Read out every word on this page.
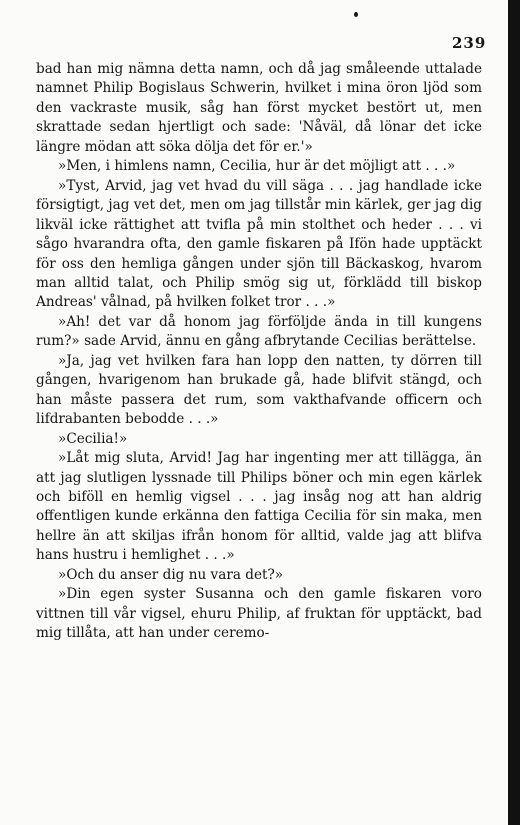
239

bad han mig nämna detta namn, och då jag småleende uttalade namnet Philip Bogislaus Schwerin, hvilket i mina öron ljöd som den vackraste musik, såg han först mycket bestört ut, men skrattade sedan hjertligt och sade: 'Nåväl, då lönar det icke längre mödan att söka dölja det för er.'»

»Men, i himlens namn, Cecilia, hur är det möjligt att . . .»

»Tyst, Arvid, jag vet hvad du vill säga . . . jag handlade icke försigtigt, jag vet det, men om jag tillstår min kärlek, ger jag dig likväl icke rättighet att tvifla på min stolthet och heder . . . vi sågo hvarandra ofta, den gamle fiskaren på Ifön hade upptäckt för oss den hemliga gången under sjön till Bäckaskog, hvarom man alltid talat, och Philip smög sig ut, förklädd till biskop Andreas' vålnad, på hvilken folket tror . . .»

»Ah! det var då honom jag förföljde ända in till kungens rum?» sade Arvid, ännu en gång afbrytande Cecilias berättelse.

»Ja, jag vet hvilken fara han lopp den natten, ty dörren till gången, hvarigenom han brukade gå, hade blifvit stängd, och han måste passera det rum, som vakthafvande officern och lifdrabanten bebodde . . .»

»Cecilia!»

»Låt mig sluta, Arvid! Jag har ingenting mer att tillägga, än att jag slutligen lyssnade till Philips böner och min egen kärlek och biföll en hemlig vigsel . . . jag insåg nog att han aldrig offentligen kunde erkänna den fattiga Cecilia för sin maka, men hellre än att skiljas ifrån honom för alltid, valde jag att blifva hans hustru i hemlighet . . .»

»Och du anser dig nu vara det?»

»Din egen syster Susanna och den gamle fiskaren voro vittnen till vår vigsel, ehuru Philip, af fruktan för upptäckt, bad mig tillåta, att han under ceremo-
